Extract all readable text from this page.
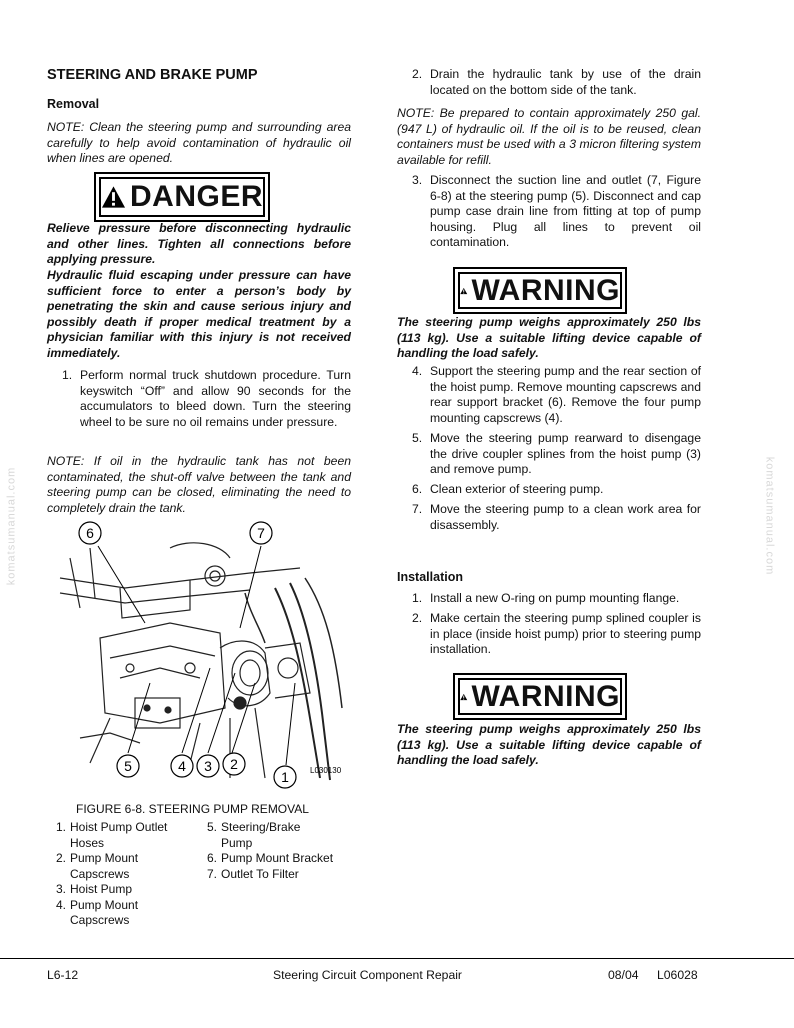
STEERING AND BRAKE PUMP
Removal
NOTE: Clean the steering pump and surrounding area carefully to help avoid contamination of hydraulic oil when lines are opened.
DANGER
Relieve pressure before disconnecting hydraulic and other lines. Tighten all connections before applying pressure.
Hydraulic fluid escaping under pressure can have sufficient force to enter a person’s body by penetrating the skin and cause serious injury and possibly death if proper medical treatment by a physician familiar with this injury is not received immediately.
1. Perform normal truck shutdown procedure. Turn keyswitch “Off” and allow 90 seconds for the accumulators to bleed down. Turn the steering wheel to be sure no oil remains under pressure.
NOTE: If oil in the hydraulic tank has not been contaminated, the shut-off valve between the tank and steering pump can be closed, eliminating the need to completely drain the tank.
6	7
5	4 3 2
1	L030130
FIGURE 6-8. STEERING PUMP REMOVAL
1. Hoist Pump Outlet Hoses
2. Pump Mount Capscrews
3. Hoist Pump
4. Pump Mount Capscrews
5. Steering/Brake Pump
6. Pump Mount Bracket
7. Outlet To Filter
2. Drain the hydraulic tank by use of the drain located on the bottom side of the tank.
NOTE: Be prepared to contain approximately 250 gal. (947 L) of hydraulic oil. If the oil is to be reused, clean containers must be used with a 3 micron filtering system available for refill.
3. Disconnect the suction line and outlet (7, Figure 6-8) at the steering pump (5). Disconnect and cap pump case drain line from fitting at top of pump housing. Plug all lines to prevent oil contamination.
WARNING
The steering pump weighs approximately 250 lbs (113 kg). Use a suitable lifting device capable of handling the load safely.
4. Support the steering pump and the rear section of the hoist pump. Remove mounting capscrews and rear support bracket (6). Remove the four pump mounting capscrews (4).
5. Move the steering pump rearward to disengage the drive coupler splines from the hoist pump (3) and remove pump.
6. Clean exterior of steering pump.
7. Move the steering pump to a clean work area for disassembly.
Installation
1. Install a new O-ring on pump mounting flange.
2. Make certain the steering pump splined coupler is in place (inside hoist pump) prior to steering pump installation.
WARNING
The steering pump weighs approximately 250 lbs (113 kg). Use a suitable lifting device capable of handling the load safely.
komatsumanual.com	komatsumanual.com
L6-12	Steering Circuit Component Repair	08/04 L06028
